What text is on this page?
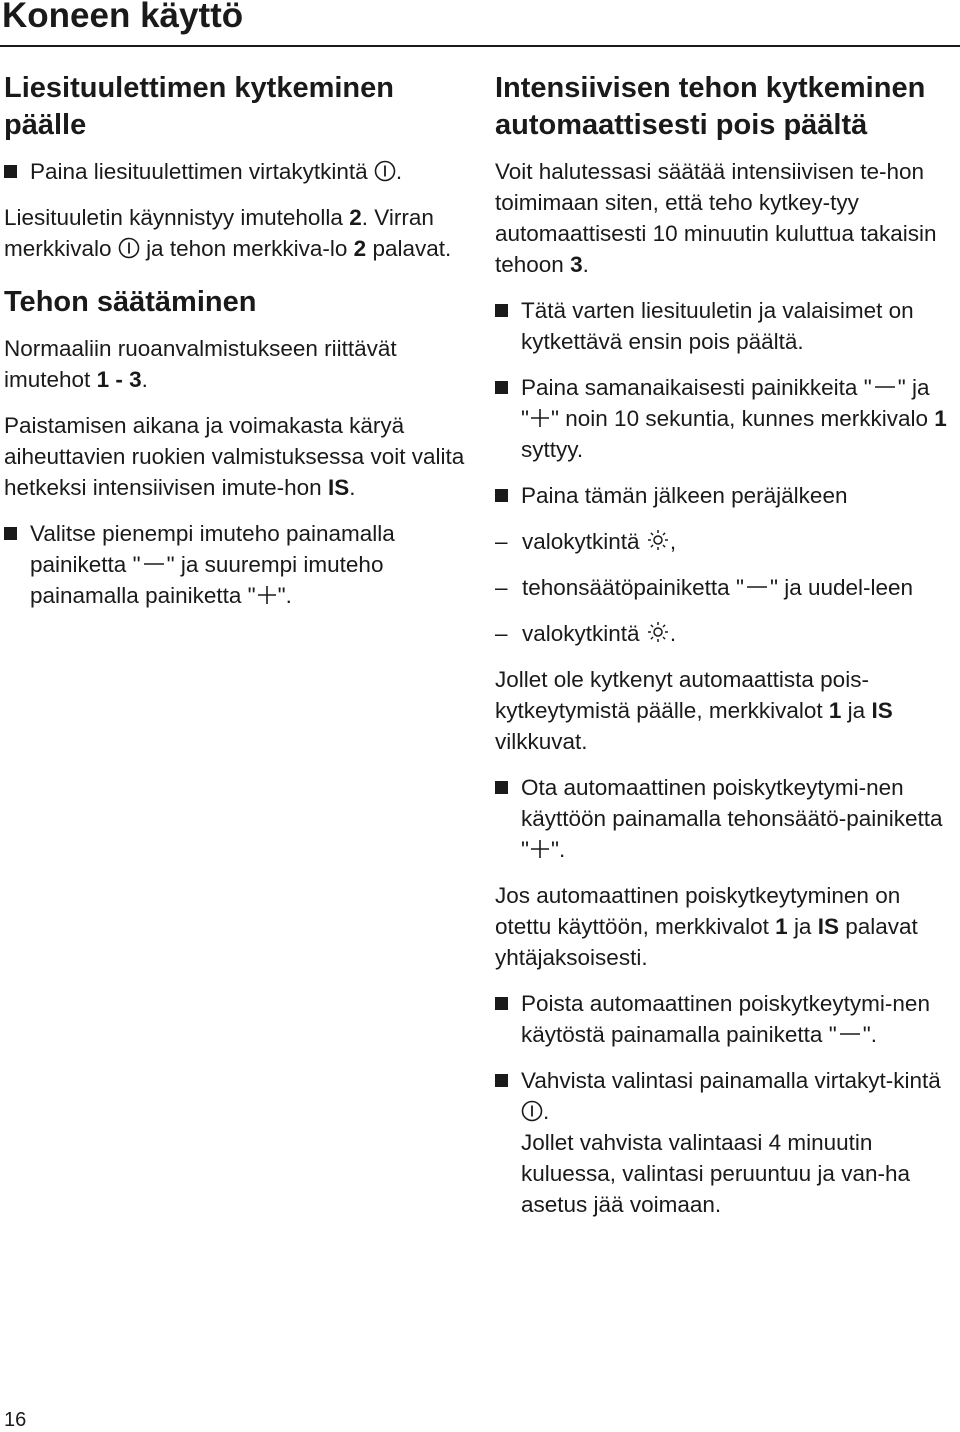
Koneen käyttö
Liesituulettimen kytkeminen päälle
Paina liesituulettimen virtakytkintä .
Liesituuletin käynnistyy imuteholla 2. Virran merkkivalo ja tehon merkkiva-lo 2 palavat.
Tehon säätäminen
Normaaliin ruoanvalmistukseen riittävät imutehot 1 - 3.
Paistamisen aikana ja voimakasta käryä aiheuttavien ruokien valmistuksessa voit valita hetkeksi intensiivisen imute-hon IS.
Valitse pienempi imuteho painamalla painiketta " " ja suurempi imuteho painamalla painiketta " ".
Intensiivisen tehon kytkeminen automaattisesti pois päältä
Voit halutessasi säätää intensiivisen te-hon toimimaan siten, että teho kytkey-tyy automaattisesti 10 minuutin kuluttua takaisin tehoon 3.
Tätä varten liesituuletin ja valaisimet on kytkettävä ensin pois päältä.
Paina samanaikaisesti painikkeita " " ja " " noin 10 sekuntia, kunnes merkkivalo 1 syttyy.
Paina tämän jälkeen peräjälkeen
– valokytkintä ,
– tehonsäätöpainiketta " " ja uudel-leen
– valokytkintä .
Jollet ole kytkenyt automaattista pois-kytkeytymistä päälle, merkkivalot 1 ja IS vilkkuvat.
Ota automaattinen poiskytkeytymi-nen käyttöön painamalla tehonsäätö-painiketta " ".
Jos automaattinen poiskytkeytyminen on otettu käyttöön, merkkivalot 1 ja IS palavat yhtäjaksoisesti.
Poista automaattinen poiskytkeytymi-nen käytöstä painamalla painiketta " ".
Vahvista valintasi painamalla virtakyt-kintä .
Jollet vahvista valintaasi 4 minuutin kuluessa, valintasi peruuntuu ja van-ha asetus jää voimaan.
16
